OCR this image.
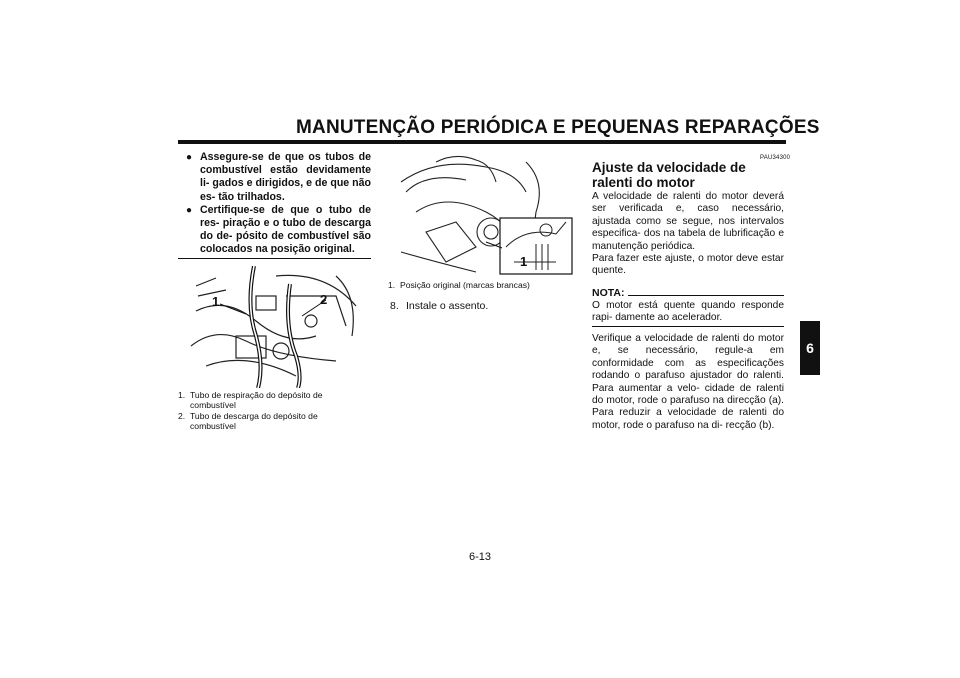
MANUTENÇÃO PERIÓDICA E PEQUENAS REPARAÇÕES
6
● Assegure-se de que os tubos de combustível estão devidamente li- gados e dirigidos, e de que não es- tão trilhados.
● Certifique-se de que o tubo de res- piração e o tubo de descarga do de- pósito de combustível são colocados na posição original.
1	2
1. Tubo de respiração do depósito de combustível
2. Tubo de descarga do depósito de combustível
1
1. Posição original (marcas brancas)
8. Instale o assento.
PAU34300
Ajuste da velocidade de ralenti do motor

A velocidade de ralenti do motor deverá ser verificada e, caso necessário, ajustada como se segue, nos intervalos especifica- dos na tabela de lubrificação e manutenção periódica.

Para fazer este ajuste, o motor deve estar quente.

NOTA:

O motor está quente quando responde rapi- damente ao acelerador.

Verifique a velocidade de ralenti do motor e, se necessário, regule-a em conformidade com as especificações rodando o parafuso ajustador do ralenti. Para aumentar a velo- cidade de ralenti do motor, rode o parafuso na direcção (a). Para reduzir a velocidade de ralenti do motor, rode o parafuso na di- recção (b).

6-13
